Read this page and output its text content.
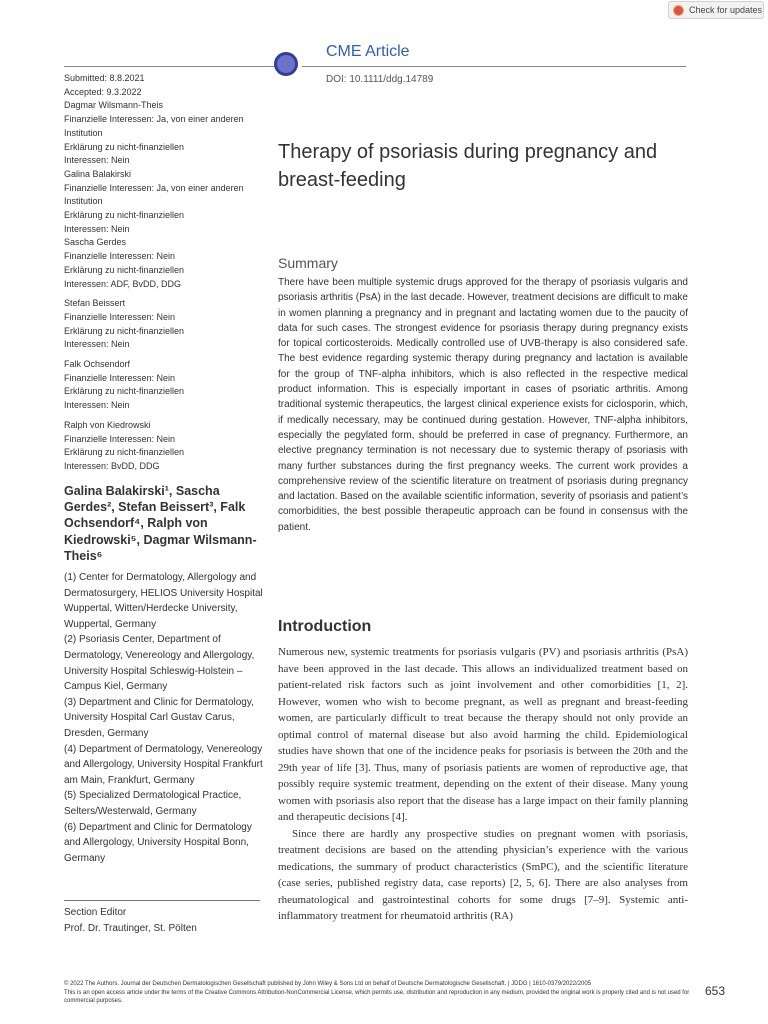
Check for updates
CME Article
DOI: 10.1111/ddg.14789
Submitted: 8.8.2021
Accepted: 9.3.2022
Dagmar Wilsmann-Theis
Finanzielle Interessen: Ja, von einer anderen
Institution
Erklärung zu nicht-finanziellen
Interessen: Nein
Galina Balakirski
Finanzielle Interessen: Ja, von einer anderen
Institution
Erklärung zu nicht-finanziellen
Interessen: Nein
Sascha Gerdes
Finanzielle Interessen: Nein
Erklärung zu nicht-finanziellen
Interessen: ADF, BvDD, DDG
Stefan Beissert
Finanzielle Interessen: Nein
Erklärung zu nicht-finanziellen
Interessen: Nein
Falk Ochsendorf
Finanzielle Interessen: Nein
Erklärung zu nicht-finanziellen
Interessen: Nein
Ralph von Kiedrowski
Finanzielle Interessen: Nein
Erklärung zu nicht-finanziellen
Interessen: BvDD, DDG
Galina Balakirski¹, Sascha Gerdes², Stefan Beissert³, Falk Ochsendorf⁴, Ralph von Kiedrowski⁵, Dagmar Wilsmann-Theis⁶
(1) Center for Dermatology, Allergology and Dermatosurgery, HELIOS University Hospital Wuppertal, Witten/Herdecke University, Wuppertal, Germany
(2) Psoriasis Center, Department of Dermatology, Venereology and Allergology, University Hospital Schleswig-Holstein – Campus Kiel, Germany
(3) Department and Clinic for Dermatology, University Hospital Carl Gustav Carus, Dresden, Germany
(4) Department of Dermatology, Venereology and Allergology, University Hospital Frankfurt am Main, Frankfurt, Germany
(5) Specialized Dermatological Practice, Selters/Westerwald, Germany
(6) Department and Clinic for Dermatology and Allergology, University Hospital Bonn, Germany
Section Editor
Prof. Dr. Trautinger, St. Pölten
Therapy of psoriasis during pregnancy and breast-feeding
Summary
There have been multiple systemic drugs approved for the therapy of psoriasis vulgaris and psoriasis arthritis (PsA) in the last decade. However, treatment decisions are difficult to make in women planning a pregnancy and in pregnant and lactating women due to the paucity of data for such cases. The strongest evidence for psoriasis therapy during pregnancy exists for topical corticosteroids. Medically controlled use of UVB-therapy is also considered safe. The best evidence regarding systemic therapy during pregnancy and lactation is available for the group of TNF-alpha inhibitors, which is also reflected in the respective medical product information. This is especially important in cases of psoriatic arthritis. Among traditional systemic therapeutics, the largest clinical experience exists for ciclosporin, which, if medically necessary, may be continued during gestation. However, TNF-alpha inhibitors, especially the pegylated form, should be preferred in case of pregnancy. Furthermore, an elective pregnancy termination is not necessary due to systemic therapy of psoriasis with many further substances during the first pregnancy weeks. The current work provides a comprehensive review of the scientific literature on treatment of psoriasis during pregnancy and lactation. Based on the available scientific information, severity of psoriasis and patient’s comorbidities, the best possible therapeutic approach can be found in consensus with the patient.
Introduction

Numerous new, systemic treatments for psoriasis vulgaris (PV) and psoriasis arthritis (PsA) have been approved in the last decade. This allows an individualized treatment based on patient-related risk factors such as joint involvement and other comorbidities [1, 2]. However, women who wish to become pregnant, as well as pregnant and breast-feeding women, are particularly difficult to treat because the therapy should not only provide an optimal control of maternal disease but also avoid harming the child. Epidemiological studies have shown that one of the incidence peaks for psoriasis is between the 20th and the 29th year of life [3]. Thus, many of psoriasis patients are women of reproductive age, that possibly require systemic treatment, depending on the extent of their disease. Many young women with psoriasis also report that the disease has a large impact on their family planning and therapeutic decisions [4].

Since there are hardly any prospective studies on pregnant women with psoriasis, treatment decisions are based on the attending physician’s experience with the various medications, the summary of product characteristics (SmPC), and the scientific literature (case series, published registry data, case reports) [2, 5, 6]. There are also analyses from rheumatological and gastrointestinal cohorts for some drugs [7–9]. Systemic anti-inflammatory treatment for rheumatoid arthritis (RA)

© 2022 The Authors. Journal der Deutschen Dermatologischen Gesellschaft published by John Wiley & Sons Ltd on behalf of Deutsche Dermatologische Gesellschaft. | JDDG | 1610-0379/2022/2005
This is an open access article under the terms of the Creative Commons Attribution-NonCommercial License, which permits use, distribution and reproduction in any medium, provided the original work is properly cited and is not used for commercial purposes.
653
